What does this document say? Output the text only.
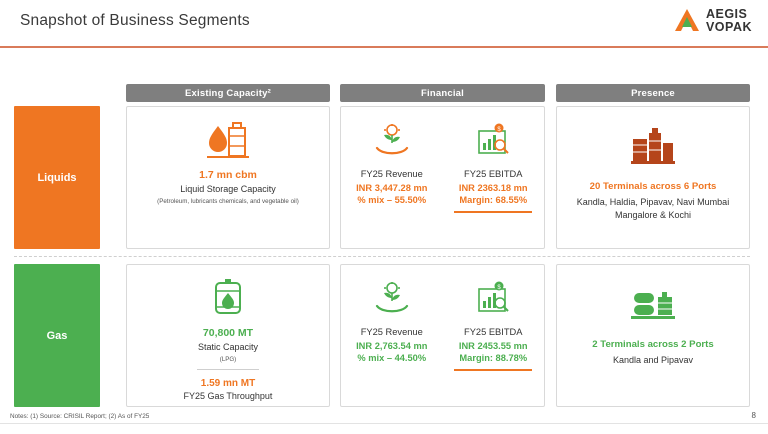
Snapshot of Business Segments	AEGIS
VOPAK
Existing Capacity²	Financial	Presence
Liquids	1.7 mn cbm
Liquid Storage Capacity
(Petroleum, lubricants chemicals, and vegetable oil)
FY25 Revenue
INR 3,447.28 mn
% mix – 55.50%
$
FY25 EBITDA
INR 2363.18 mn
Margin: 68.55%
20 Terminals across 6 Ports
Kandla, Haldia, Pipavav, Navi Mumbai Mangalore & Kochi
Gas	70,800 MT
Static Capacity
(LPG)
1.59 mn MT
FY25 Gas Throughput
FY25 Revenue
INR 2,763.54 mn
% mix – 44.50%
$
FY25 EBITDA
INR 2453.55 mn
Margin: 88.78%
2 Terminals across 2 Ports
Kandla and Pipavav
Notes: (1) Source: CRISIL Report; (2) As of FY25	8
